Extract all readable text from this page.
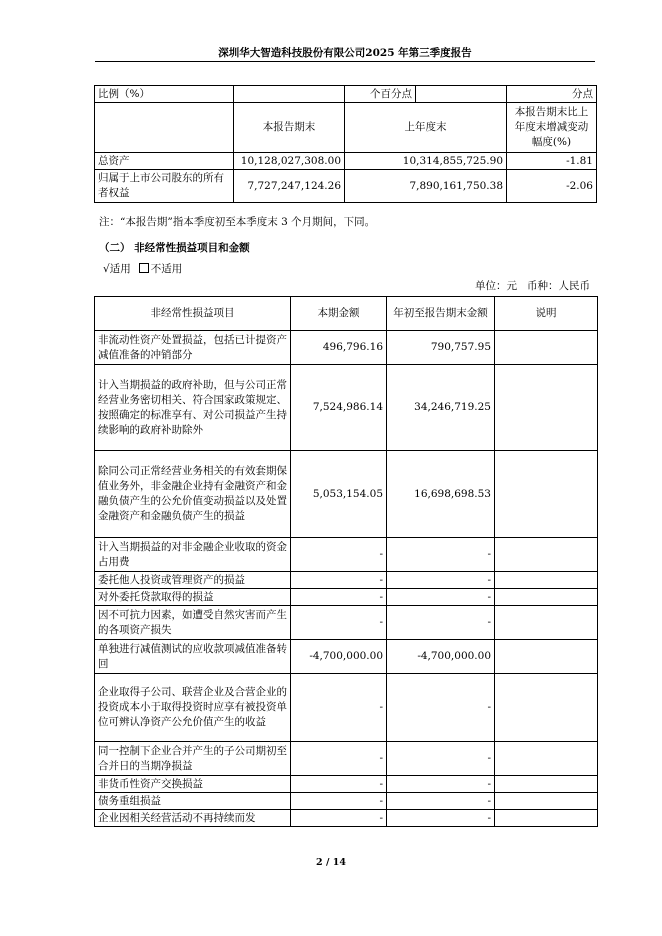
深圳华大智造科技股份有限公司2025 年第三季度报告
比例（%）		个百分点		分点
	本报告期末	上年度末		本报告期末比上年度末增减变动幅度(%)
总资产	10,128,027,308.00	10,314,855,725.90		-1.81
归属于上市公司股东的所有者权益	7,727,247,124.26	7,890,161,750.38		-2.06
注：“本报告期”指本季度初至本季度末 3 个月期间，下同。
（二） 非经常性损益项目和金额
√适用 不适用
单位：元 币种：人民币
非经常性损益项目	本期金额	年初至报告期末金额	说明
非流动性资产处置损益，包括已计提资产减值准备的冲销部分	496,796.16	790,757.95	
计入当期损益的政府补助，但与公司正常经营业务密切相关、符合国家政策规定、按照确定的标准享有、对公司损益产生持续影响的政府补助除外	7,524,986.14	34,246,719.25	
除同公司正常经营业务相关的有效套期保值业务外，非金融企业持有金融资产和金融负债产生的公允价值变动损益以及处置金融资产和金融负债产生的损益	5,053,154.05	16,698,698.53	
计入当期损益的对非金融企业收取的资金占用费	-	-	
委托他人投资或管理资产的损益	-	-	
对外委托贷款取得的损益	-	-	
因不可抗力因素，如遭受自然灾害而产生的各项资产损失	-	-	
单独进行减值测试的应收款项减值准备转回	-4,700,000.00	-4,700,000.00	
企业取得子公司、联营企业及合营企业的投资成本小于取得投资时应享有被投资单位可辨认净资产公允价值产生的收益	-	-	
同一控制下企业合并产生的子公司期初至合并日的当期净损益	-	-	
非货币性资产交换损益	-	-	
债务重组损益	-	-	
企业因相关经营活动不再持续而发	-	-	
2 / 14
